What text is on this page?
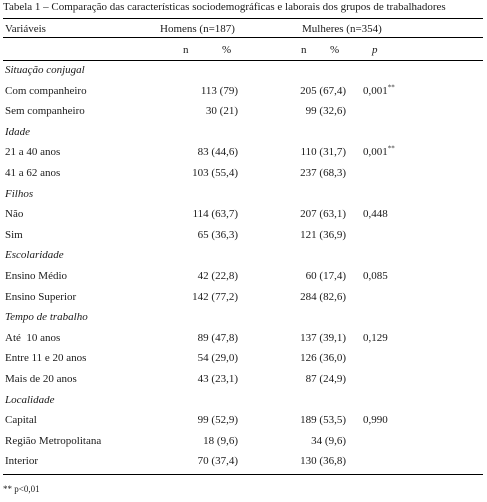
Tabela 1 – Comparação das características sociodemográficas e laborais dos grupos de trabalhadores
Variáveis	Homens (n=187)	Mulheres (n=354)
n	%	n %	p
Situação conjugal
Com companheiro	113 (79)	205 (67,4) 0,001**
Sem companheiro	30 (21)	99 (32,6)
Idade
21 a 40 anos	83 (44,6)	110 (31,7) 0,001**
41 a 62 anos	103 (55,4)	237 (68,3)
Filhos
Não	114 (63,7)	207 (63,1) 0,448
Sim	65 (36,3)	121 (36,9)
Escolaridade
Ensino Médio	42 (22,8)	60 (17,4) 0,085
Ensino Superior	142 (77,2)	284 (82,6)
Tempo de trabalho
Até  10 anos	89 (47,8)	137 (39,1) 0,129
Entre 11 e 20 anos	54 (29,0)	126 (36,0)
Mais de 20 anos	43 (23,1)	87 (24,9)
Localidade
Capital	99 (52,9)	189 (53,5) 0,990
Região Metropolitana	18 (9,6)	34 (9,6)
Interior	70 (37,4)	130 (36,8)
** p<0,01
